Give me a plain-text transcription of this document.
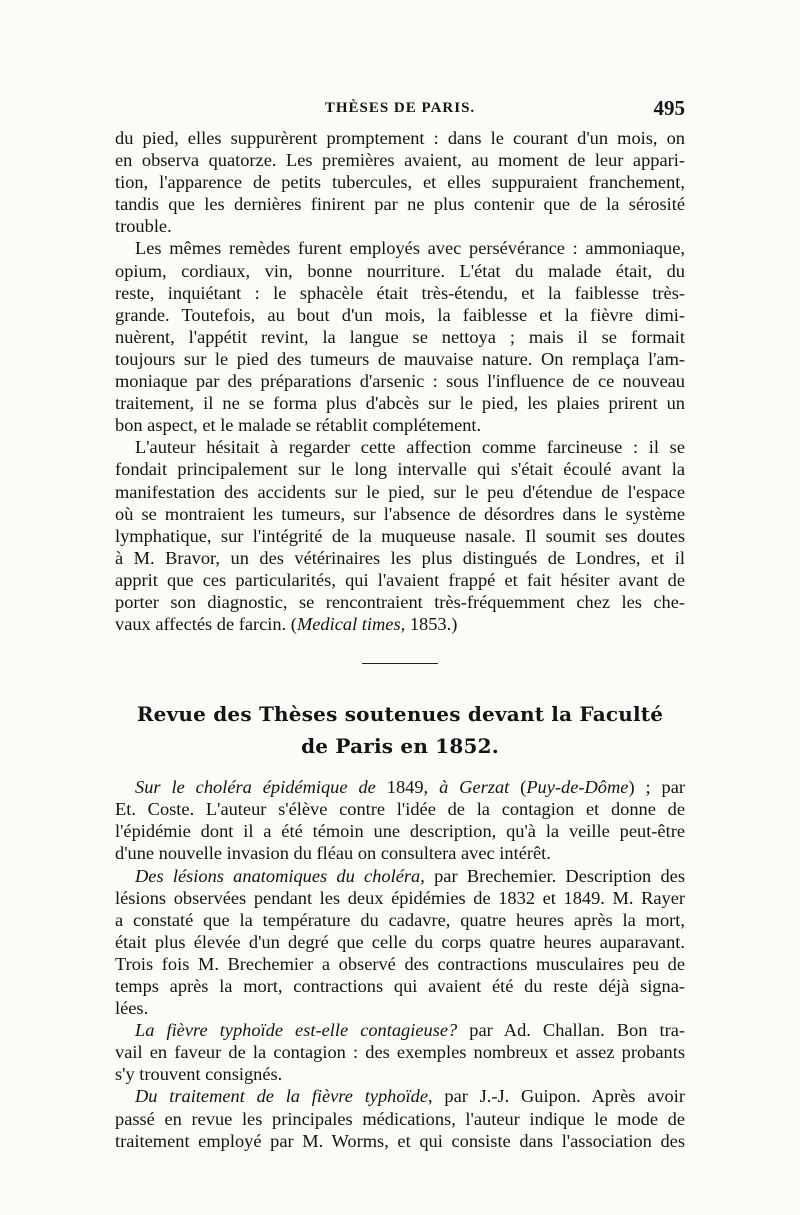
THÈSES DE PARIS.	495
du pied, elles suppurèrent promptement : dans le courant d'un mois, on
en observa quatorze. Les premières avaient, au moment de leur appari-
tion, l'apparence de petits tubercules, et elles suppuraient franchement,
tandis que les dernières finirent par ne plus contenir que de la sérosité
trouble.
Les mêmes remèdes furent employés avec persévérance : ammoniaque,
opium, cordiaux, vin, bonne nourriture. L'état du malade était, du
reste, inquiétant : le sphacèle était très-étendu, et la faiblesse très-
grande. Toutefois, au bout d'un mois, la faiblesse et la fièvre dimi-
nuèrent, l'appétit revint, la langue se nettoya ; mais il se formait
toujours sur le pied des tumeurs de mauvaise nature. On remplaça l'am-
moniaque par des préparations d'arsenic : sous l'influence de ce nouveau
traitement, il ne se forma plus d'abcès sur le pied, les plaies prirent un
bon aspect, et le malade se rétablit complétement.
L'auteur hésitait à regarder cette affection comme farcineuse : il se
fondait principalement sur le long intervalle qui s'était écoulé avant la
manifestation des accidents sur le pied, sur le peu d'étendue de l'espace
où se montraient les tumeurs, sur l'absence de désordres dans le système
lymphatique, sur l'intégrité de la muqueuse nasale. Il soumit ses doutes
à M. Bravor, un des vétérinaires les plus distingués de Londres, et il
apprit que ces particularités, qui l'avaient frappé et fait hésiter avant de
porter son diagnostic, se rencontraient très-fréquemment chez les che-
vaux affectés de farcin. (Medical times, 1853.)
Revue des Thèses soutenues devant la Faculté
de Paris en 1852.
Sur le choléra épidémique de 1849, à Gerzat (Puy-de-Dôme) ; par
Et. Coste. L'auteur s'élève contre l'idée de la contagion et donne de
l'épidémie dont il a été témoin une description, qu'à la veille peut-être
d'une nouvelle invasion du fléau on consultera avec intérêt.
Des lésions anatomiques du choléra, par Brechemier. Description des
lésions observées pendant les deux épidémies de 1832 et 1849. M. Rayer
a constaté que la température du cadavre, quatre heures après la mort,
était plus élevée d'un degré que celle du corps quatre heures auparavant.
Trois fois M. Brechemier a observé des contractions musculaires peu de
temps après la mort, contractions qui avaient été du reste déjà signa-
lées.
La fièvre typhoïde est-elle contagieuse? par Ad. Challan. Bon tra-
vail en faveur de la contagion : des exemples nombreux et assez probants
s'y trouvent consignés.
Du traitement de la fièvre typhoïde, par J.-J. Guipon. Après avoir
passé en revue les principales médications, l'auteur indique le mode de
traitement employé par M. Worms, et qui consiste dans l'association des
